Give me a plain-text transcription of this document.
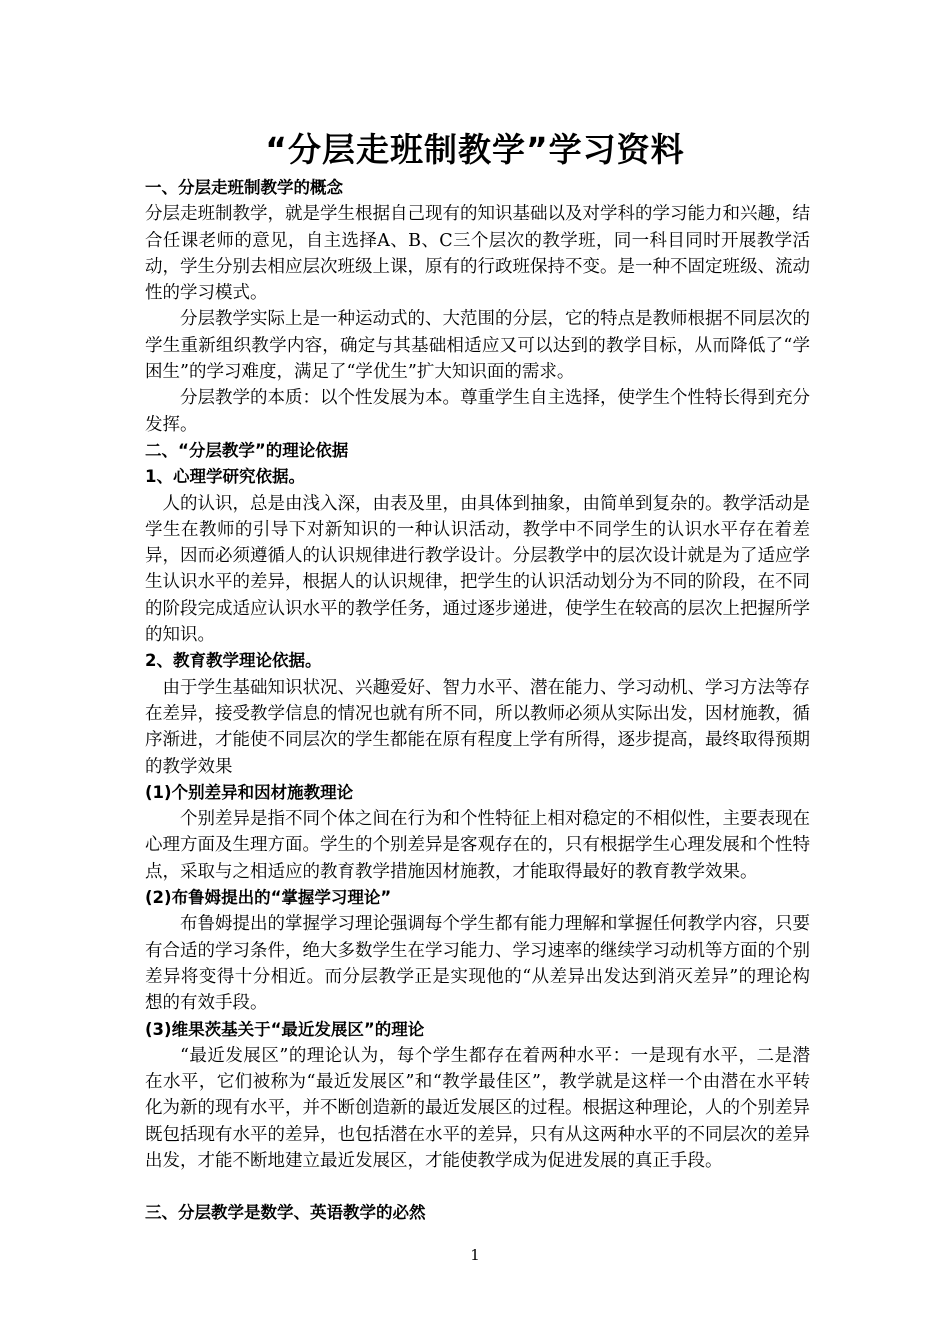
“分层走班制教学”学习资料

一、分层走班制教学的概念

分层走班制教学，就是学生根据自己现有的知识基础以及对学科的学习能力和兴趣，结合任课老师的意见，自主选择A、B、C三个层次的教学班，同一科目同时开展教学活动，学生分别去相应层次班级上课，原有的行政班保持不变。是一种不固定班级、流动性的学习模式。

分层教学实际上是一种运动式的、大范围的分层，它的特点是教师根据不同层次的学生重新组织教学内容，确定与其基础相适应又可以达到的教学目标，从而降低了“学困生”的学习难度，满足了“学优生”扩大知识面的需求。

分层教学的本质：以个性发展为本。尊重学生自主选择，使学生个性特长得到充分发挥。

二、“分层教学”的理论依据

1、心理学研究依据。

人的认识，总是由浅入深，由表及里，由具体到抽象，由简单到复杂的。教学活动是学生在教师的引导下对新知识的一种认识活动，教学中不同学生的认识水平存在着差异，因而必须遵循人的认识规律进行教学设计。分层教学中的层次设计就是为了适应学生认识水平的差异，根据人的认识规律，把学生的认识活动划分为不同的阶段，在不同的阶段完成适应认识水平的教学任务，通过逐步递进，使学生在较高的层次上把握所学的知识。

2、教育教学理论依据。

由于学生基础知识状况、兴趣爱好、智力水平、潜在能力、学习动机、学习方法等存在差异，接受教学信息的情况也就有所不同，所以教师必须从实际出发，因材施教，循序渐进，才能使不同层次的学生都能在原有程度上学有所得，逐步提高，最终取得预期的教学效果

(1)个别差异和因材施教理论

个别差异是指不同个体之间在行为和个性特征上相对稳定的不相似性，主要表现在心理方面及生理方面。学生的个别差异是客观存在的，只有根据学生心理发展和个性特点，采取与之相适应的教育教学措施因材施教，才能取得最好的教育教学效果。

(2)布鲁姆提出的“掌握学习理论”

布鲁姆提出的掌握学习理论强调每个学生都有能力理解和掌握任何教学内容，只要有合适的学习条件，绝大多数学生在学习能力、学习速率的继续学习动机等方面的个别差异将变得十分相近。而分层教学正是实现他的“从差异出发达到消灭差异”的理论构想的有效手段。

(3)维果茨基关于“最近发展区”的理论

“最近发展区”的理论认为，每个学生都存在着两种水平：一是现有水平，二是潜在水平，它们被称为“最近发展区”和“教学最佳区”，教学就是这样一个由潜在水平转化为新的现有水平，并不断创造新的最近发展区的过程。根据这种理论，人的个别差异既包括现有水平的差异，也包括潜在水平的差异，只有从这两种水平的不同层次的差异出发，才能不断地建立最近发展区，才能使教学成为促进发展的真正手段。

三、分层教学是数学、英语教学的必然

1
